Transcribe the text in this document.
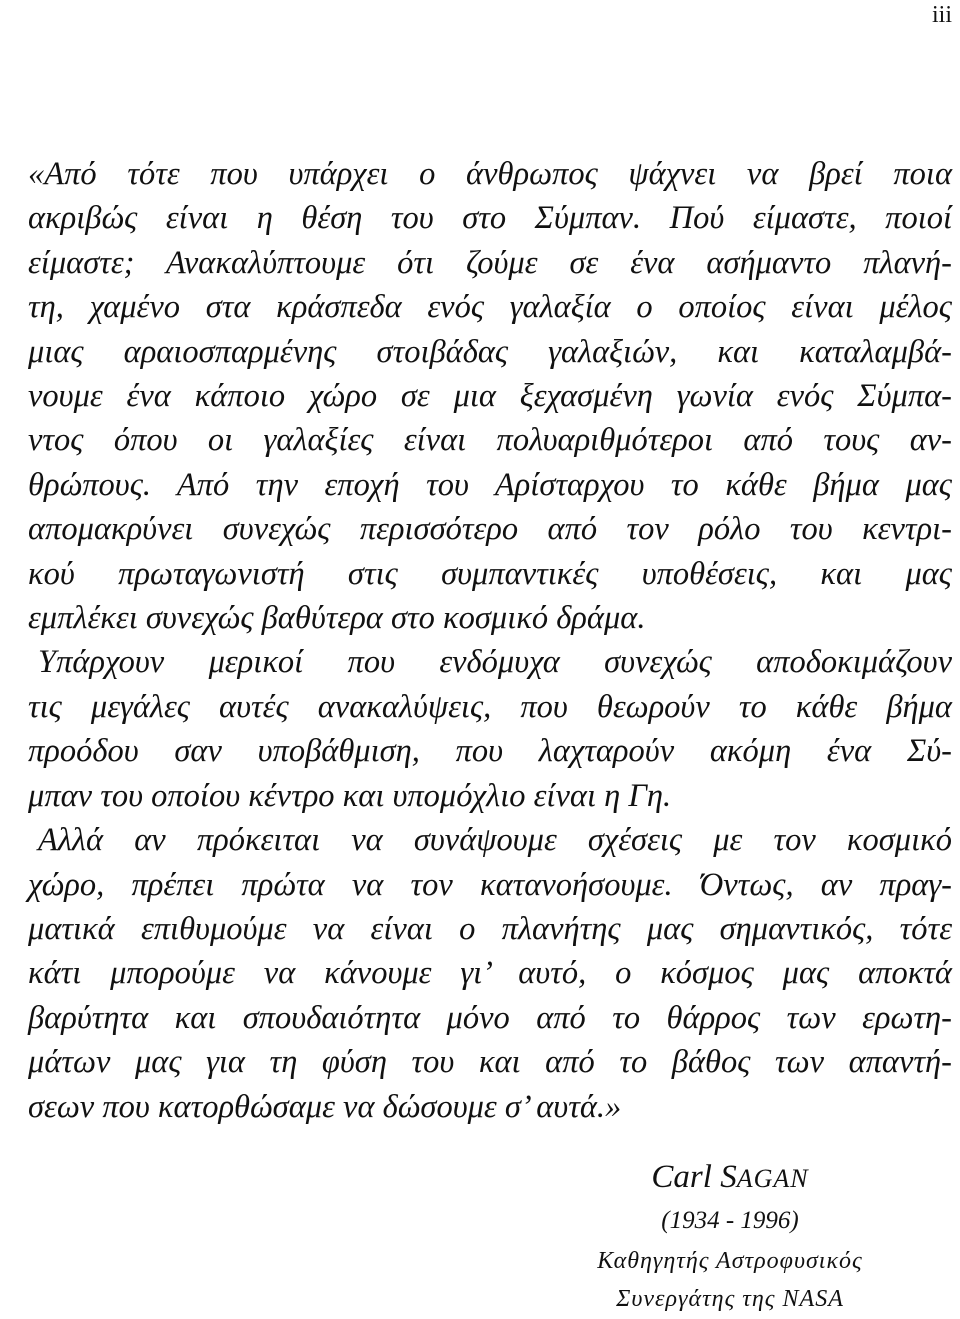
iii
«Από τότε που υπάρχει ο άνθρωπος ψάχνει να βρεί ποια
ακριβώς είναι η θέση του στο Σύμπαν. Πού είμαστε, ποιοί
είμαστε; Ανακαλύπτουμε ότι ζούμε σε ένα ασήμαντο πλανή-
τη, χαμένο στα κράσπεδα ενός γαλαξία ο οποίος είναι μέλος
μιας αραιοσπαρμένης στοιβάδας γαλαξιών, και καταλαμβά-
νουμε ένα κάποιο χώρο σε μια ξεχασμένη γωνία ενός Σύμπα-
ντος όπου οι γαλαξίες είναι πολυαριθμότεροι από τους αν-
θρώπους. Από την εποχή του Αρίσταρχου το κάθε βήμα μας
απομακρύνει συνεχώς περισσότερο από τον ρόλο του κεντρι-
κού πρωταγωνιστή στις συμπαντικές υποθέσεις, και μας
εμπλέκει συνεχώς βαθύτερα στο κοσμικό δράμα.
Υπάρχουν μερικοί που ενδόμυχα συνεχώς αποδοκιμάζουν
τις μεγάλες αυτές ανακαλύψεις, που θεωρούν το κάθε βήμα
προόδου σαν υποβάθμιση, που λαχταρούν ακόμη ένα Σύ-
μπαν του οποίου κέντρο και υπομόχλιο είναι η Γη.
Αλλά αν πρόκειται να συνάψουμε σχέσεις με τον κοσμικό
χώρο, πρέπει πρώτα να τον κατανοήσουμε. Όντως, αν πραγ-
ματικά επιθυμούμε να είναι ο πλανήτης μας σημαντικός, τότε
κάτι μπορούμε να κάνουμε γι’ αυτό, ο κόσμος μας αποκτά
βαρύτητα και σπουδαιότητα μόνο από το θάρρος των ερωτη-
μάτων μας για τη φύση του και από το βάθος των απαντή-
σεων που κατορθώσαμε να δώσουμε σ’ αυτά.»
Carl SAGAN
(1934 - 1996)
Καθηγητής Αστροφυσικός
Συνεργάτης της NASA
